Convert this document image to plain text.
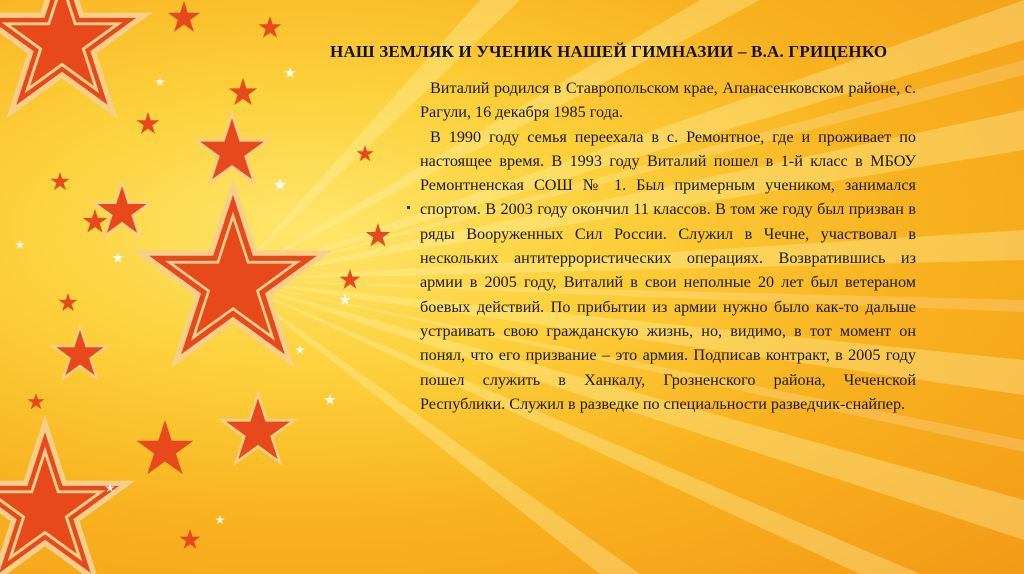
НАШ ЗЕМЛЯК И УЧЕНИК НАШЕЙ ГИМНАЗИИ – В.А. ГРИЦЕНКО

Виталий родился в Ставропольском крае, Апанасенковском районе, с. Рагули, 16 декабря 1985 года.

В 1990 году семья переехала в с. Ремонтное, где и проживает по настоящее время. В 1993 году Виталий пошел в 1-й класс в МБОУ Ремонтненская СОШ № 1. Был примерным учеником, занимался спортом. В 2003 году окончил 11 классов. В том же году был призван в ряды Вооруженных Сил России. Служил в Чечне, участвовал в нескольких антитеррористических операциях. Возвратившись из армии в 2005 году, Виталий в свои неполные 20 лет был ветераном боевых действий. По прибытии из армии нужно было как-то дальше устраивать свою гражданскую жизнь, но, видимо, в тот момент он понял, что его призвание – это армия. Подписав контракт, в 2005 году пошел служить в Ханкалу, Грозненского района, Чеченской Республики. Служил в разведке по специальности разведчик-снайпер.
